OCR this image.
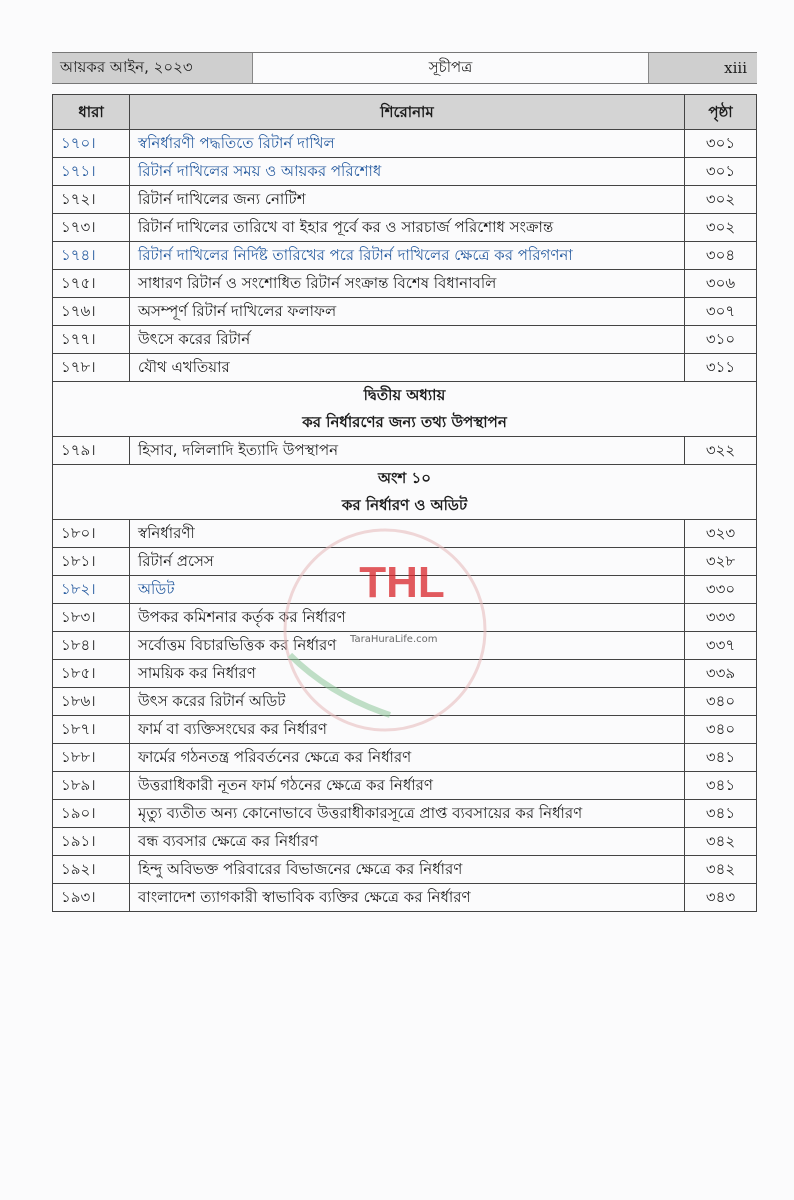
আয়কর আইন, ২০২৩	সূচীপত্র	xiii
ধারা	শিরোনাম	পৃষ্ঠা
১৭০।	স্বনির্ধারণী পদ্ধতিতে রিটার্ন দাখিল	৩০১
১৭১।	রিটার্ন দাখিলের সময় ও আয়কর পরিশোধ	৩০১
১৭২।	রিটার্ন দাখিলের জন্য নোটিশ	৩০২
১৭৩।	রিটার্ন দাখিলের তারিখে বা ইহার পূর্বে কর ও সারচার্জ পরিশোধ সংক্রান্ত	৩০২
১৭৪।	রিটার্ন দাখিলের নির্দিষ্ট তারিখের পরে রিটার্ন দাখিলের ক্ষেত্রে কর পরিগণনা	৩০৪
১৭৫।	সাধারণ রিটার্ন ও সংশোধিত রিটার্ন সংক্রান্ত বিশেষ বিধানাবলি	৩০৬
১৭৬।	অসম্পূর্ণ রিটার্ন দাখিলের ফলাফল	৩০৭
১৭৭।	উৎসে করের রিটার্ন	৩১০
১৭৮।	যৌথ এখতিয়ার	৩১১
দ্বিতীয় অধ্যায়		
কর নির্ধারণের জন্য তথ্য উপস্থাপন		
১৭৯।	হিসাব, দলিলাদি ইত্যাদি উপস্থাপন	৩২২
অংশ ১০		
কর নির্ধারণ ও অডিট		
১৮০।	স্বনির্ধারণী	৩২৩
১৮১।	রিটার্ন প্রসেস	৩২৮
১৮২।	অডিট	৩৩০
১৮৩।	উপকর কমিশনার কর্তৃক কর নির্ধারণ	৩৩৩
১৮৪।	সর্বোত্তম বিচারভিত্তিক কর নির্ধারণ	৩৩৭
১৮৫।	সাময়িক কর নির্ধারণ	৩৩৯
১৮৬।	উৎস করের রিটার্ন অডিট	৩৪০
১৮৭।	ফার্ম বা ব্যক্তিসংঘের কর নির্ধারণ	৩৪০
১৮৮।	ফার্মের গঠনতন্ত্র পরিবর্তনের ক্ষেত্রে কর নির্ধারণ	৩৪১
১৮৯।	উত্তরাধিকারী নূতন ফার্ম গঠনের ক্ষেত্রে কর নির্ধারণ	৩৪১
১৯০।	মৃত্যু ব্যতীত অন্য কোনোভাবে উত্তরাধীকারসূত্রে প্রাপ্ত ব্যবসায়ের কর নির্ধারণ	৩৪১
১৯১।	বন্ধ ব্যবসার ক্ষেত্রে কর নির্ধারণ	৩৪২
১৯২।	হিন্দু অবিভক্ত পরিবারের বিভাজনের ক্ষেত্রে কর নির্ধারণ	৩৪২
১৯৩।	বাংলাদেশ ত্যাগকারী স্বাভাবিক ব্যক্তির ক্ষেত্রে কর নির্ধারণ	৩৪৩
THL
TaraHuraLife.com
